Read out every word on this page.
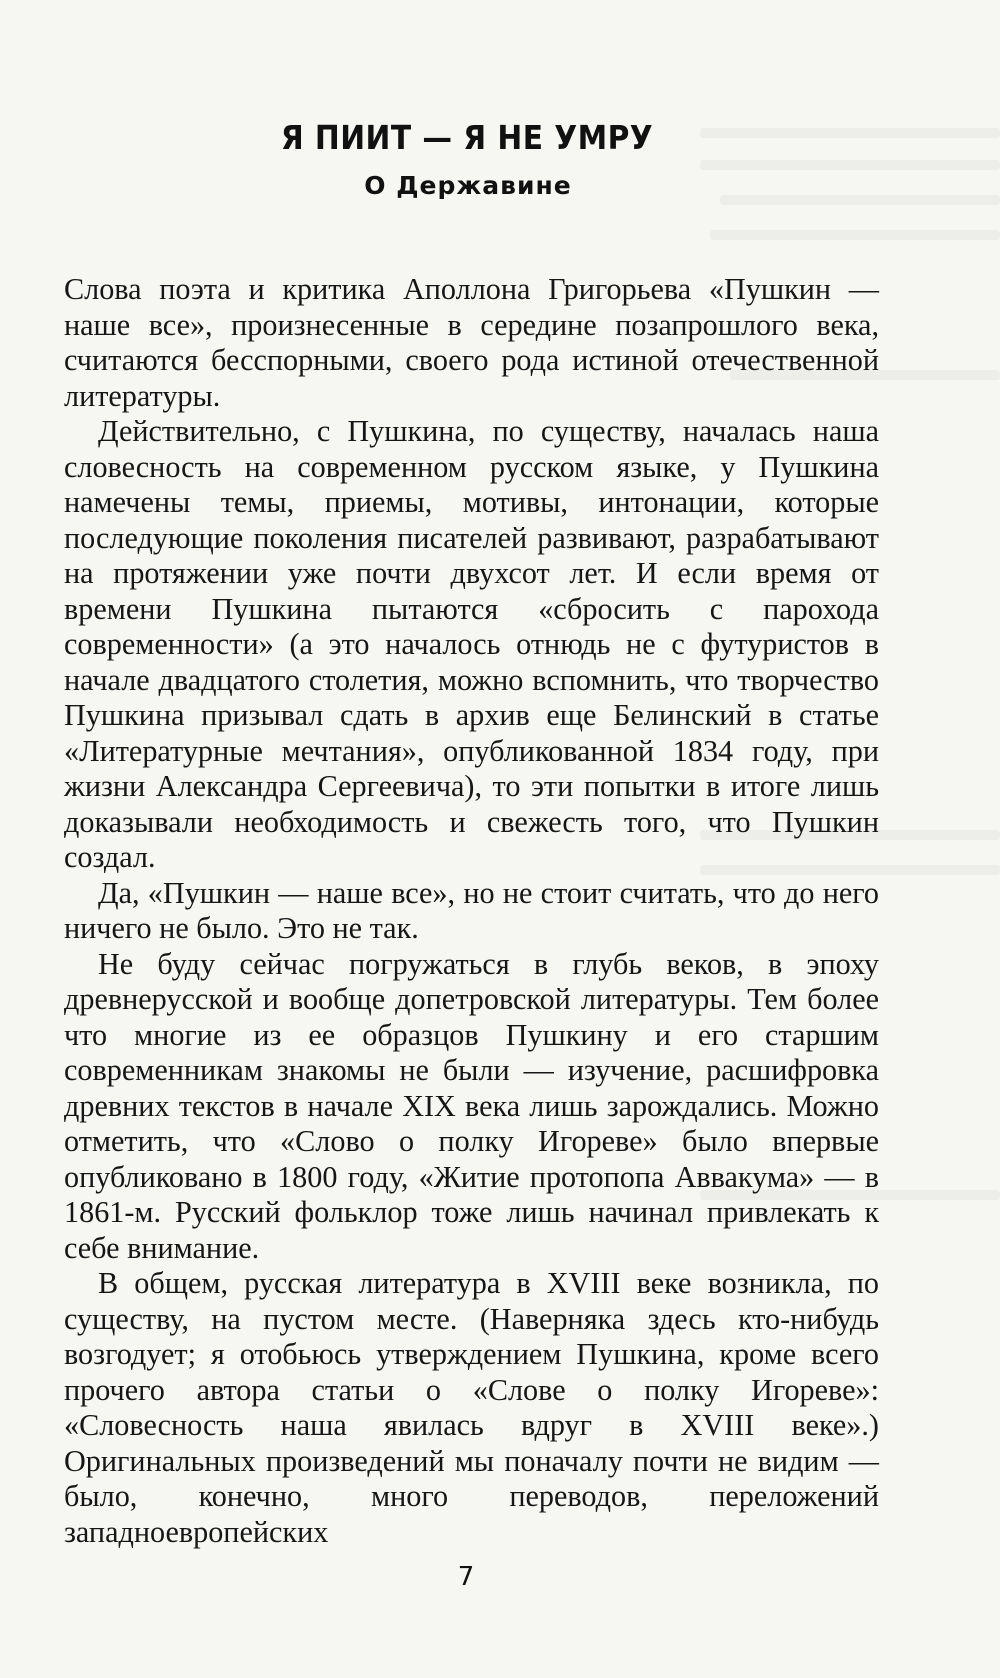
Я ПИИТ — Я НЕ УМРУ
О Державине

Слова поэта и критика Аполлона Григорьева «Пушкин — наше все», произнесенные в середине позапрошлого века, считаются бесспорными, своего рода истиной отечественной литературы.

Действительно, с Пушкина, по существу, началась наша словесность на современном русском языке, у Пушкина намечены темы, приемы, мотивы, интонации, которые последующие поколения писателей развивают, разрабатывают на протяжении уже почти двухсот лет. И если время от времени Пушкина пытаются «сбросить с парохода современности» (а это началось отнюдь не с футуристов в начале двадцатого столетия, можно вспомнить, что творчество Пушкина призывал сдать в архив еще Белинский в статье «Литературные мечтания», опубликованной 1834 году, при жизни Александра Сергеевича), то эти попытки в итоге лишь доказывали необходимость и свежесть того, что Пушкин создал.

Да, «Пушкин — наше все», но не стоит считать, что до него ничего не было. Это не так.

Не буду сейчас погружаться в глубь веков, в эпоху древнерусской и вообще допетровской литературы. Тем более что многие из ее образцов Пушкину и его старшим современникам знакомы не были — изучение, расшифровка древних текстов в начале XIX века лишь зарождались. Можно отметить, что «Слово о полку Игореве» было впервые опубликовано в 1800 году, «Житие протопопа Аввакума» — в 1861-м. Русский фольклор тоже лишь начинал привлекать к себе внимание.

В общем, русская литература в XVIII веке возникла, по существу, на пустом месте. (Наверняка здесь кто-нибудь возгодует; я отобьюсь утверждением Пушкина, кроме всего прочего автора статьи о «Слове о полку Игореве»: «Словесность наша явилась вдруг в XVIII веке».) Оригинальных произведений мы поначалу почти не видим — было, конечно, много переводов, переложений западноевропейских

7
